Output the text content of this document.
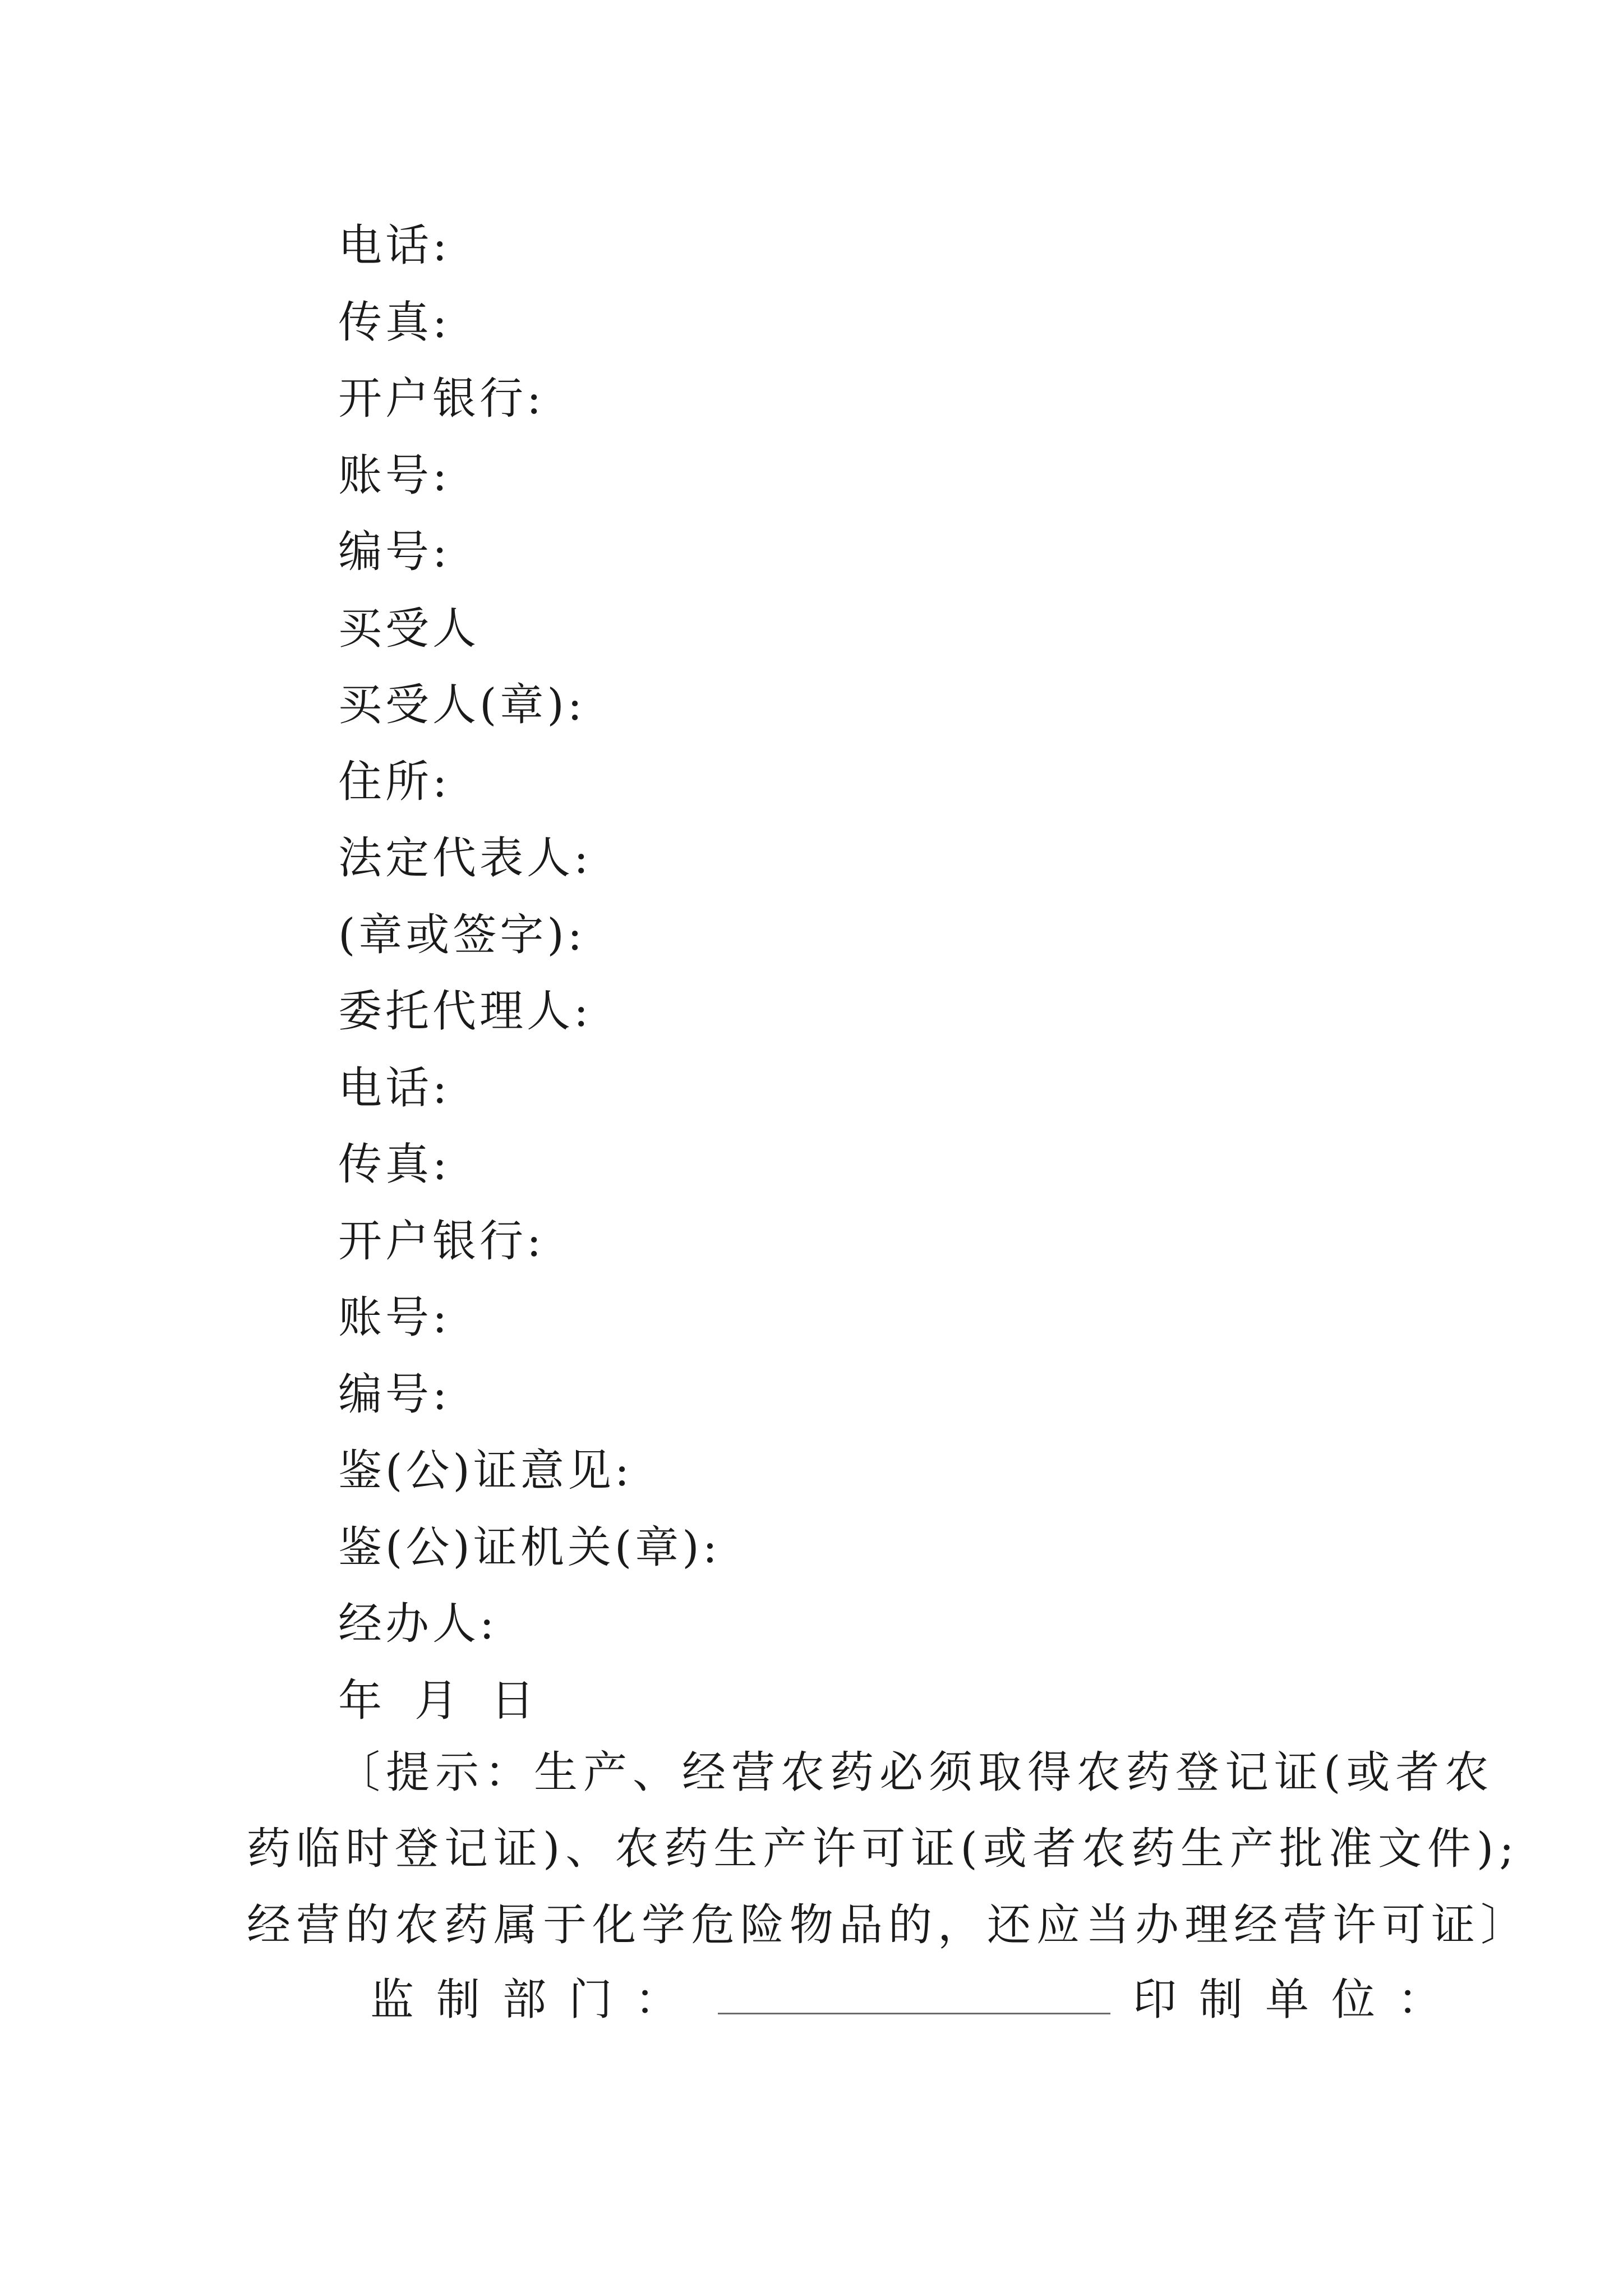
电话:
传真:
开户银行:
账号:
编号:
买受人
买受人(章):
住所:
法定代表人:
(章或签字):
委托代理人:
电话:
传真:
开户银行:
账号:
编号:
鉴(公)证意见:
鉴(公)证机关(章):
经办人:
年 月 日

〔提示：生产、经营农药必须取得农药登记证(或者农
药临时登记证)、农药生产许可证(或者农药生产批准文件);
经营的农药属于化学危险物品的，还应当办理经营许可证〕

监制部门：	印制单位：
